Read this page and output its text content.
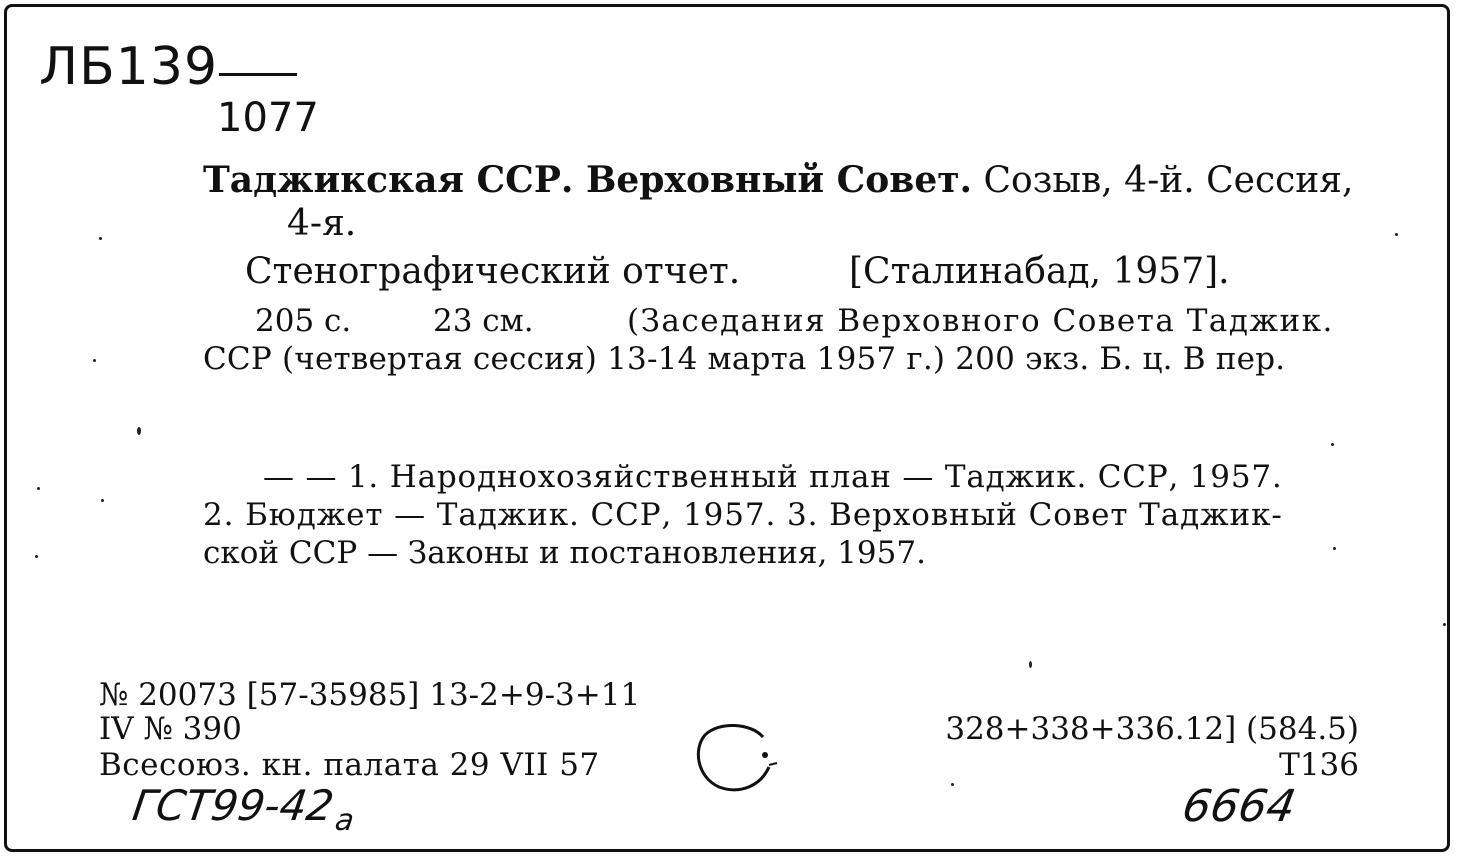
ЛБ139
1077
Таджикская ССР. Верховный Совет. Созыв, 4-й. Сессия,
4-я.
Стенографический отчет.	[Сталинабад, 1957].
205 с.	23 см.	(Заседания Верховного Совета Таджик.
ССР (четвертая сессия) 13-14 марта 1957 г.) 200 экз. Б. ц. В пер.
— — 1. Народнохозяйственный план — Таджик. ССР, 1957.
2. Бюджет — Таджик. ССР, 1957. 3. Верховный Совет Таджик-
ской ССР — Законы и постановления, 1957.
№ 20073 [57-35985] 13-2+9-3+11
IV № 390
Всесоюз. кн. палата 29 VII 57
328+338+336.12] (584.5)
Т136
$ГСТ99-42_а$	6664
